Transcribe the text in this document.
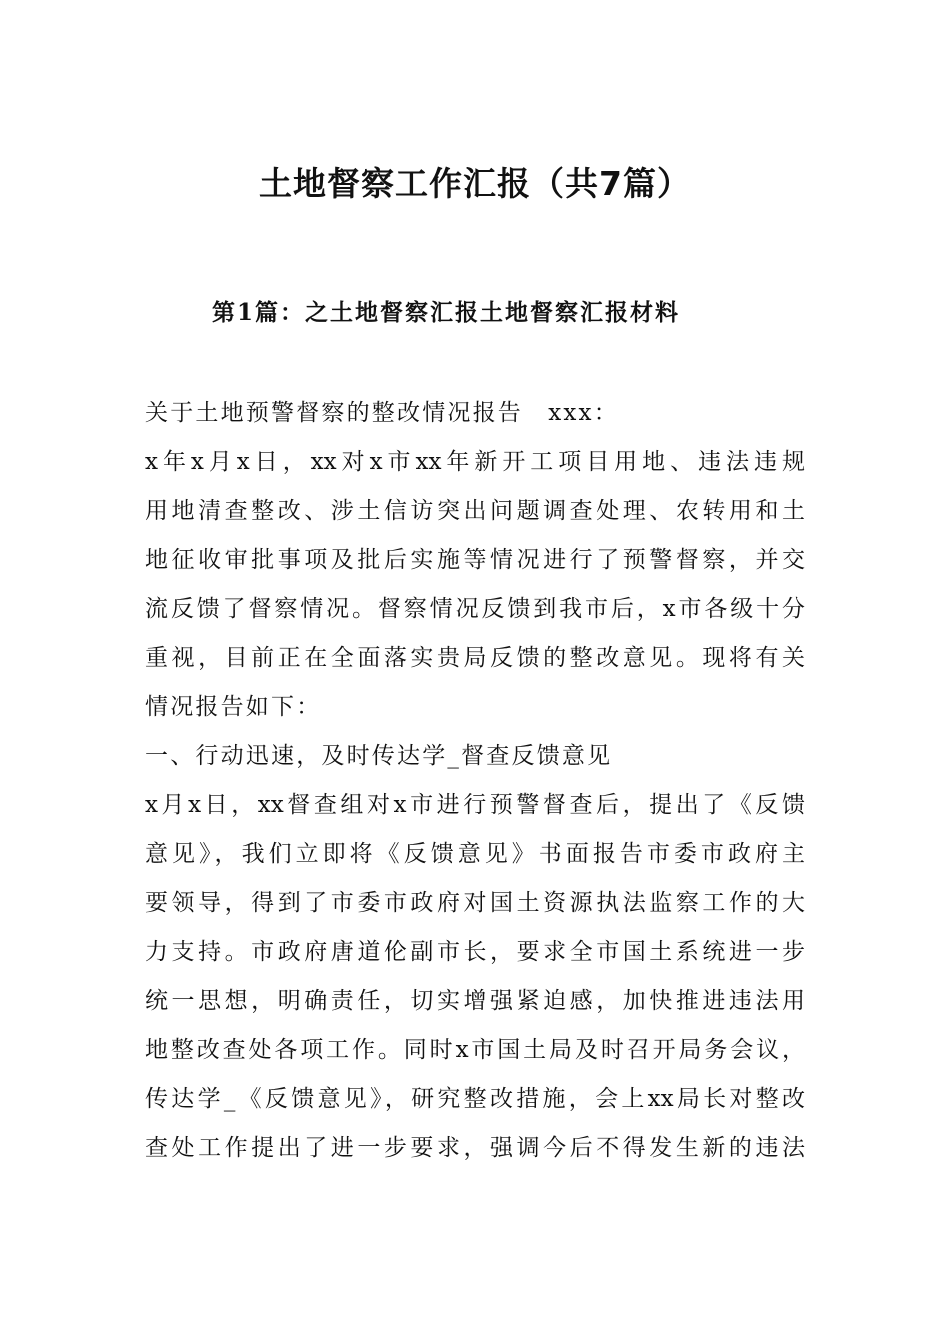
土地督察工作汇报（共7篇）
第1篇：之土地督察汇报土地督察汇报材料
关于土地预警督察的整改情况报告　xxx：
x年x月x日，xx对x市xx年新开工项目用地、违法违规
用地清查整改、涉土信访突出问题调查处理、农转用和土
地征收审批事项及批后实施等情况进行了预警督察，并交
流反馈了督察情况。督察情况反馈到我市后，x市各级十分
重视，目前正在全面落实贵局反馈的整改意见。现将有关
情况报告如下：
一、行动迅速，及时传达学_督查反馈意见
x月x日，xx督查组对x市进行预警督查后，提出了《反馈
意见》，我们立即将《反馈意见》书面报告市委市政府主
要领导，得到了市委市政府对国土资源执法监察工作的大
力支持。市政府唐道伦副市长，要求全市国土系统进一步
统一思想，明确责任，切实增强紧迫感，加快推进违法用
地整改查处各项工作。同时x市国土局及时召开局务会议，
传达学_《反馈意见》，研究整改措施，会上xx局长对整改
查处工作提出了进一步要求，强调今后不得发生新的违法
